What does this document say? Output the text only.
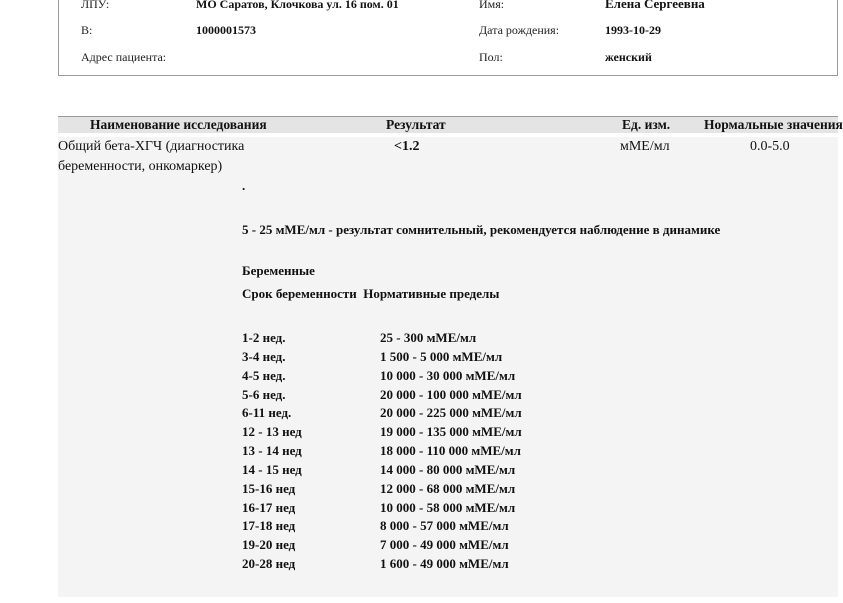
ЛПУ:	МО Саратов, Клочкова ул. 16 пом. 01	Имя:	Елена Сергеевна
В:	1000001573	Дата рождения:	1993-10-29
Адрес пациента:	Пол:	женский
Наименование исследования	Результат	Ед. изм.	Нормальные значения
Общий бета-ХГЧ (диагностика беременности, онкомаркер)
<1.2	мМЕ/мл	0.0-5.0
.
5 - 25 мМЕ/мл - результат сомнительный, рекомендуется наблюдение в динамике
Беременные
Срок беременности Нормативные пределы
1-2 нед.	25 - 300 мМЕ/мл
3-4 нед.	1 500 - 5 000 мМЕ/мл
4-5 нед.	10 000 - 30 000 мМЕ/мл
5-6 нед.	20 000 - 100 000 мМЕ/мл
6-11 нед.	20 000 - 225 000 мМЕ/мл
12 - 13 нед	19 000 - 135 000 мМЕ/мл
13 - 14 нед	18 000 - 110 000 мМЕ/мл
14 - 15 нед	14 000 - 80 000 мМЕ/мл
15-16 нед	12 000 - 68 000 мМЕ/мл
16-17 нед	10 000 - 58 000 мМЕ/мл
17-18 нед	8 000 - 57 000 мМЕ/мл
19-20 нед	7 000 - 49 000 мМЕ/мл
20-28 нед	1 600 - 49 000 мМЕ/мл
